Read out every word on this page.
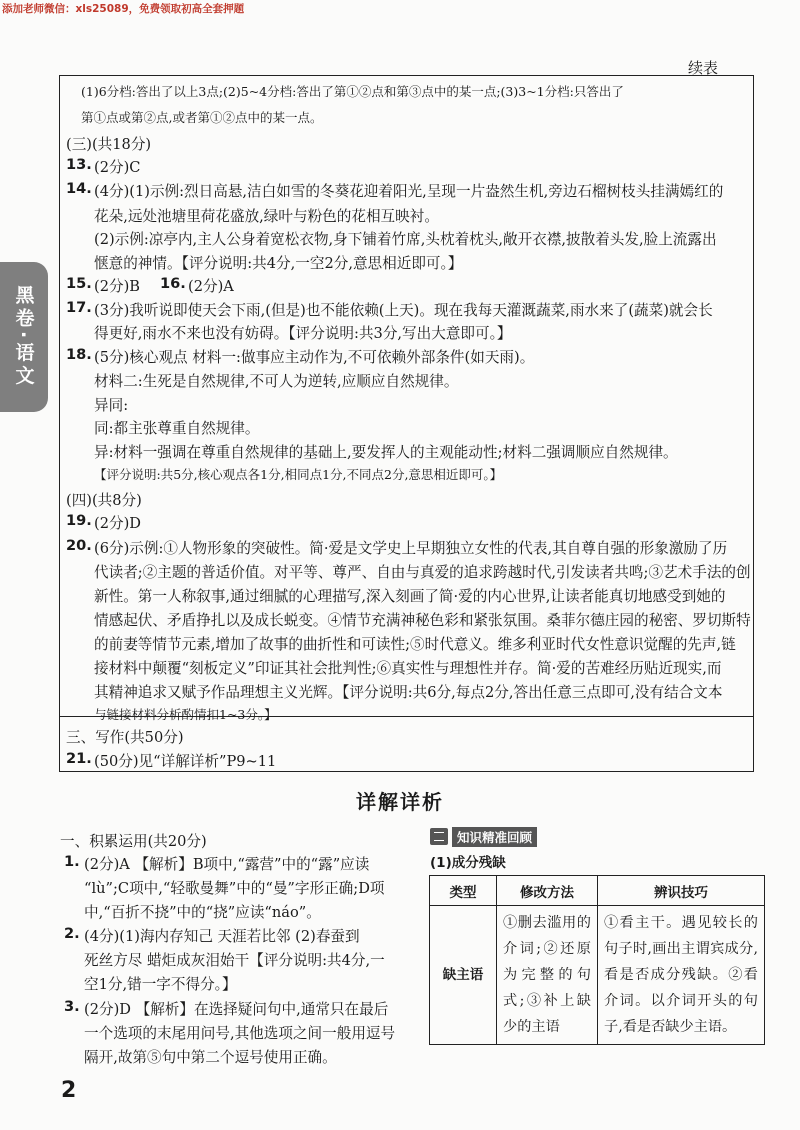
添加老师微信：xls25089，免费领取初高全套押题
续表
黑卷·语文
(1)6分档:答出了以上3点;(2)5~4分档:答出了第①②点和第③点中的某一点;(3)3~1分档:只答出了
第①点或第②点,或者第①②点中的某一点。
(三)(共18分)
13. (2分)C
14. (4分)(1)示例:烈日高悬,洁白如雪的冬葵花迎着阳光,呈现一片盎然生机,旁边石榴树枝头挂满嫣红的
花朵,远处池塘里荷花盛放,绿叶与粉色的花相互映衬。
(2)示例:凉亭内,主人公身着宽松衣物,身下铺着竹席,头枕着枕头,敞开衣襟,披散着头发,脸上流露出
惬意的神情。【评分说明:共4分,一空2分,意思相近即可。】
15. (2分)B 16. (2分)A
17. (3分)我听说即使天会下雨,(但是)也不能依赖(上天)。现在我每天灌溉蔬菜,雨水来了(蔬菜)就会长
得更好,雨水不来也没有妨碍。【评分说明:共3分,写出大意即可。】
18. (5分)核心观点 材料一:做事应主动作为,不可依赖外部条件(如天雨)。
材料二:生死是自然规律,不可人为逆转,应顺应自然规律。
异同:
同:都主张尊重自然规律。
异:材料一强调在尊重自然规律的基础上,要发挥人的主观能动性;材料二强调顺应自然规律。
【评分说明:共5分,核心观点各1分,相同点1分,不同点2分,意思相近即可。】
(四)(共8分)
19. (2分)D
20. (6分)示例:①人物形象的突破性。简·爱是文学史上早期独立女性的代表,其自尊自强的形象激励了历
代读者;②主题的普适价值。对平等、尊严、自由与真爱的追求跨越时代,引发读者共鸣;③艺术手法的创
新性。第一人称叙事,通过细腻的心理描写,深入刻画了简·爱的内心世界,让读者能真切地感受到她的
情感起伏、矛盾挣扎以及成长蜕变。④情节充满神秘色彩和紧张氛围。桑菲尔德庄园的秘密、罗切斯特
的前妻等情节元素,增加了故事的曲折性和可读性;⑤时代意义。维多利亚时代女性意识觉醒的先声,链
接材料中颠覆“刻板定义”印证其社会批判性;⑥真实性与理想性并存。简·爱的苦难经历贴近现实,而
其精神追求又赋予作品理想主义光辉。【评分说明:共6分,每点2分,答出任意三点即可,没有结合文本
与链接材料分析酌情扣1~3分。】
三、写作(共50分)
21. (50分)见“详解详析”P9~11
详解详析
一、积累运用(共20分)
1. (2分)A 【解析】B项中,“露营”中的“露”应读
“lù”;C项中,“轻歌曼舞”中的“曼”字形正确;D项
中,“百折不挠”中的“挠”应读“náo”。
2. (4分)(1)海内存知己 天涯若比邻 (2)春蚕到
死丝方尽 蜡炬成灰泪始干【评分说明:共4分,一
空1分,错一字不得分。】
3. (2分)D 【解析】在选择疑问句中,通常只在最后
一个选项的末尾用问号,其他选项之间一般用逗号
隔开,故第⑤句中第二个逗号使用正确。
知识精准回顾
(1)成分残缺
类型	修改方法	辨识技巧
缺主语	①删去滥用的介词;②还原为完整的句式;③补上缺少的主语	①看主干。遇见较长的句子时,画出主谓宾成分,看是否成分残缺。②看介词。以介词开头的句子,看是否缺少主语。
2
